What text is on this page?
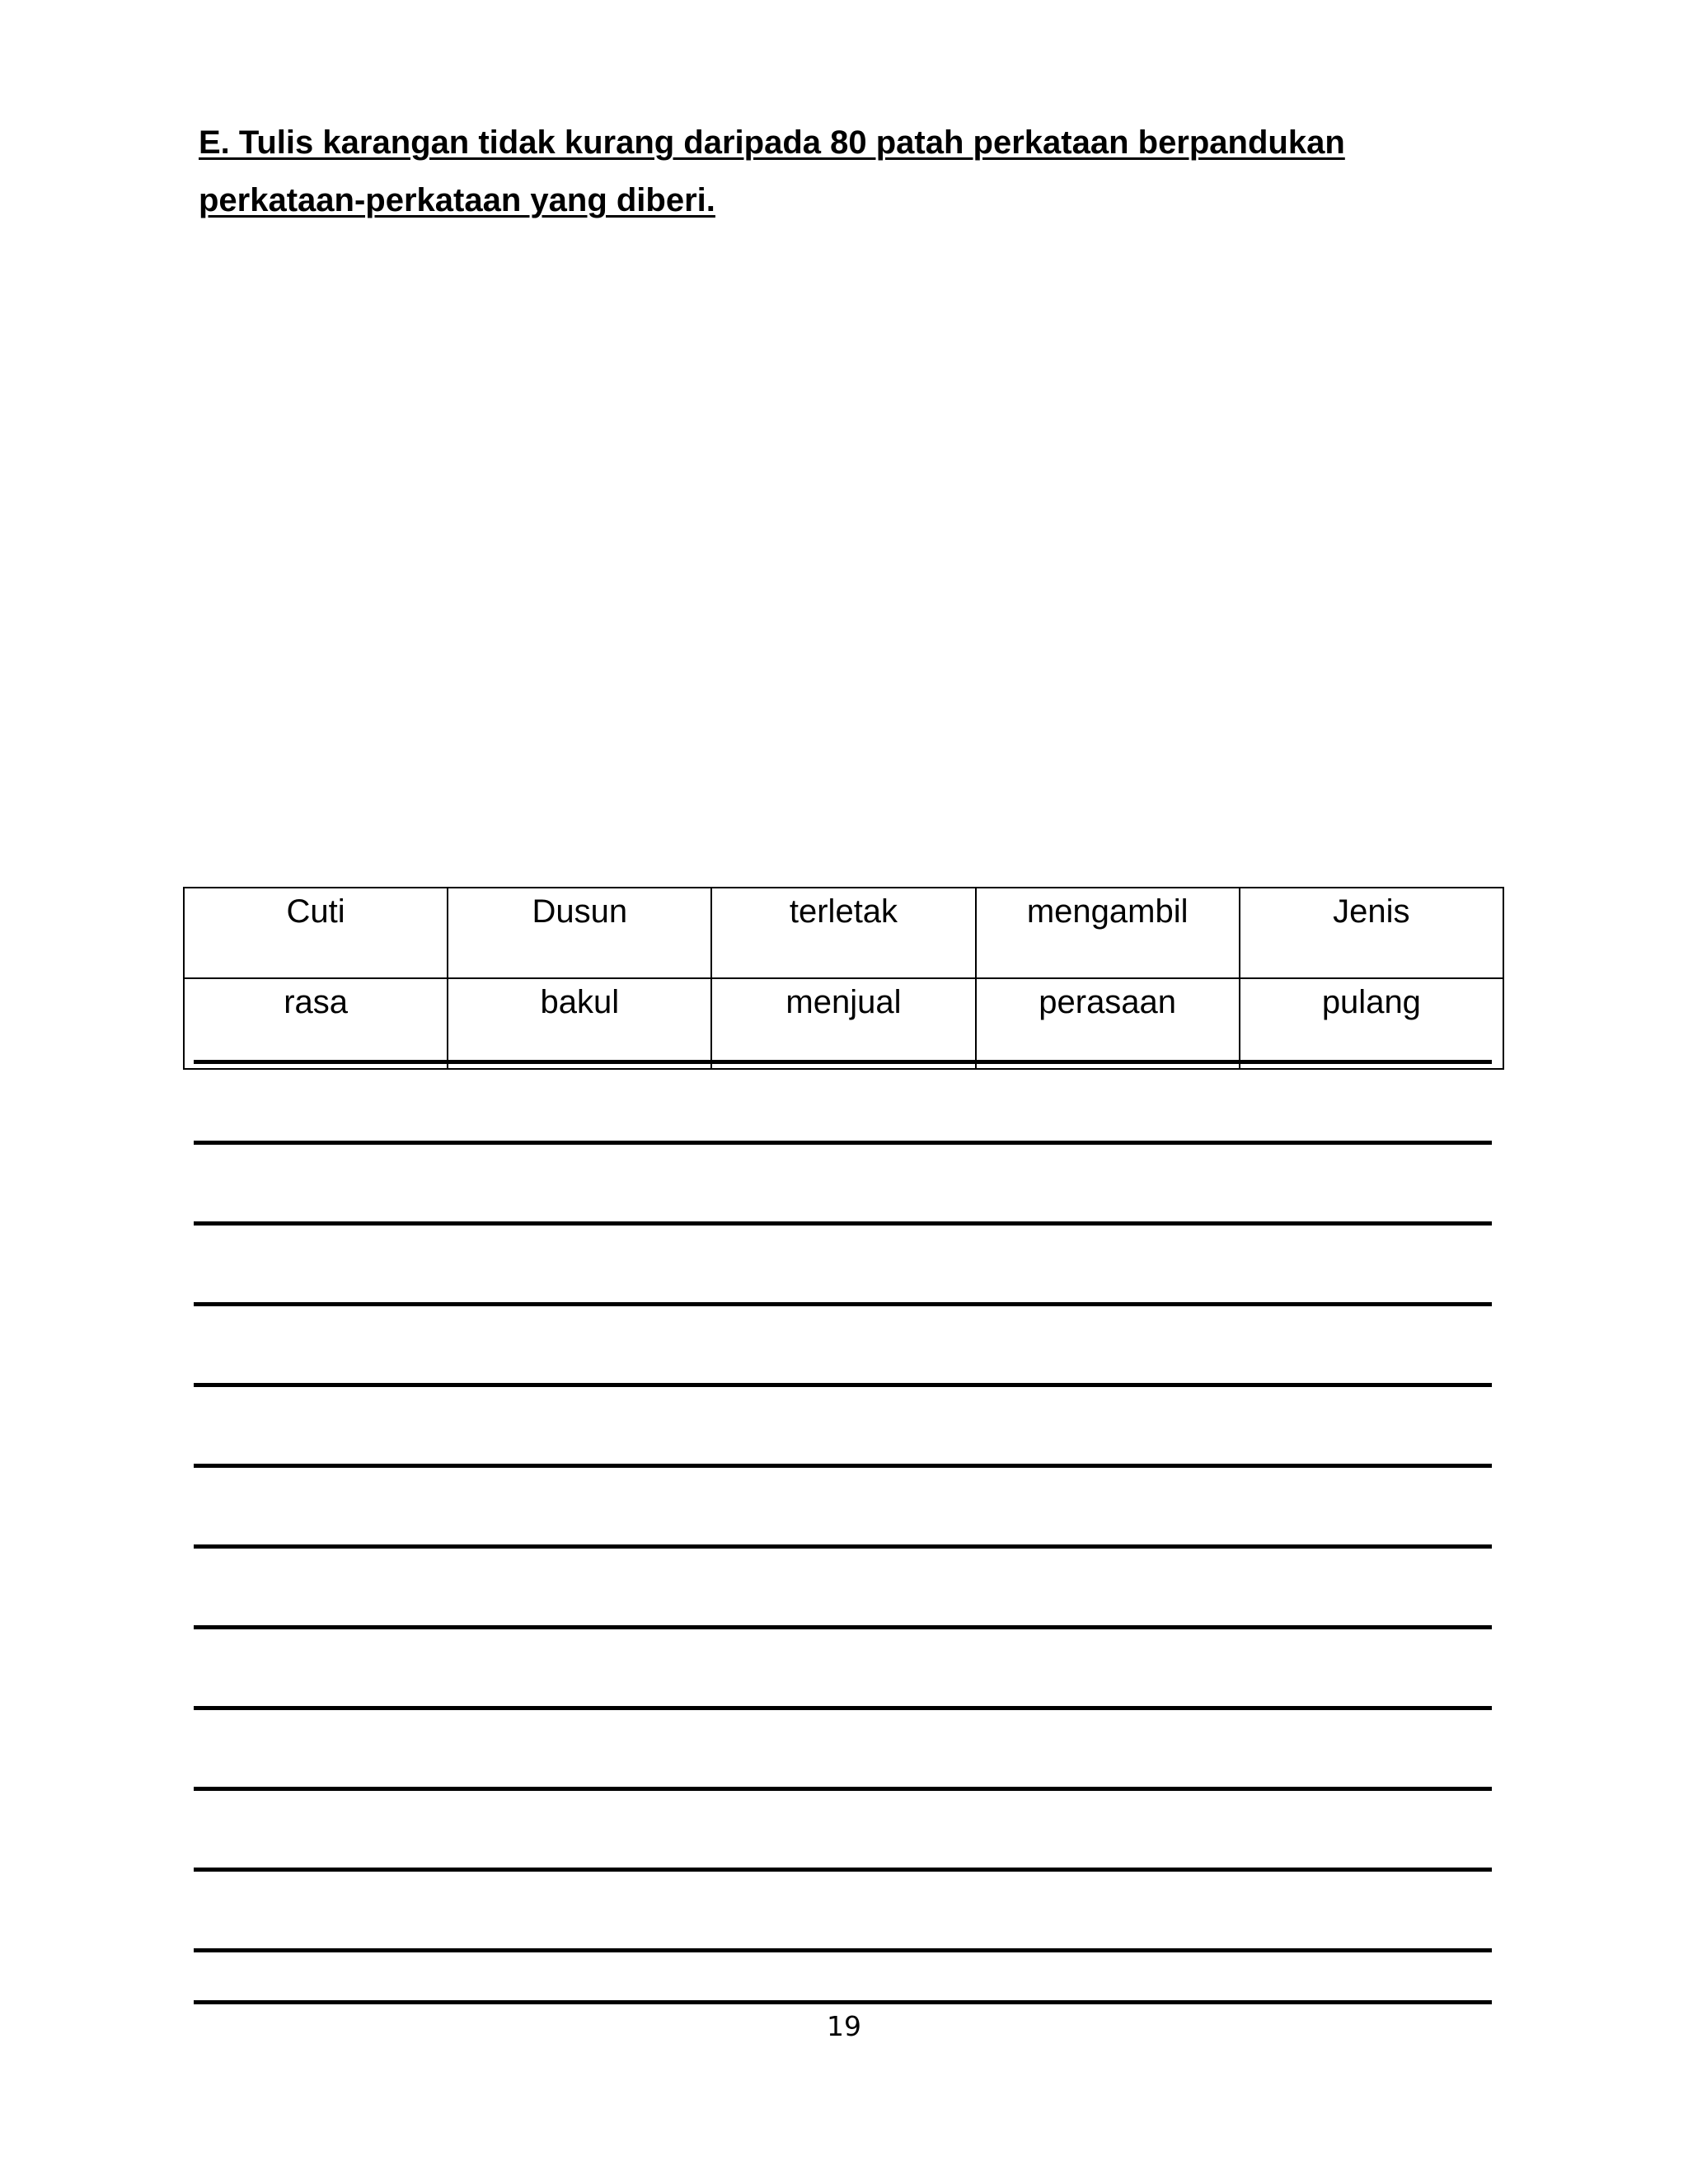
E. Tulis karangan tidak kurang daripada 80 patah perkataan berpandukan
perkataan-perkataan yang diberi.
Cuti	Dusun	terletak	mengambil	Jenis
rasa	bakul	menjual	perasaan	pulang
19
